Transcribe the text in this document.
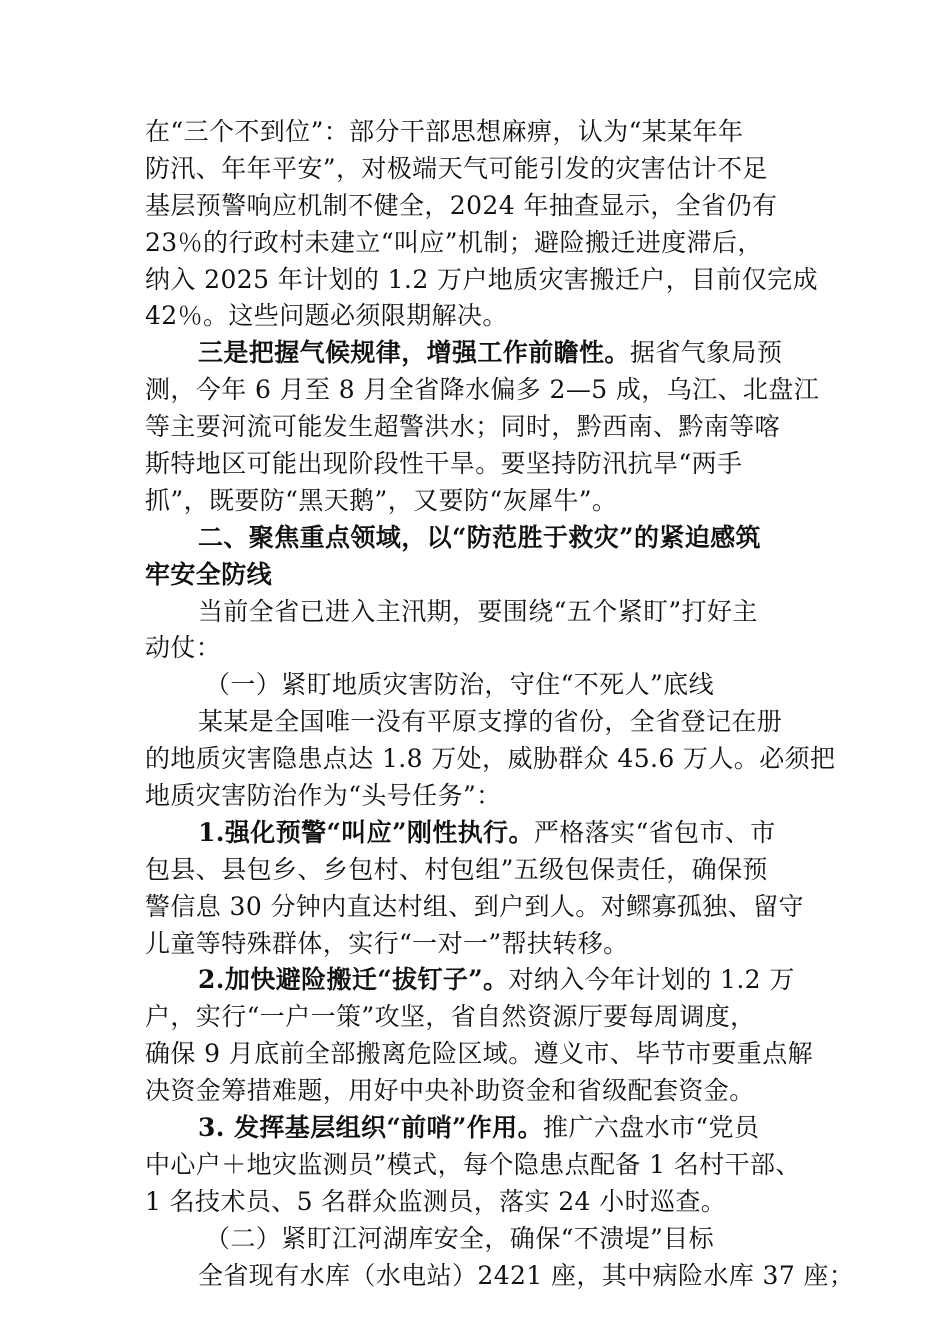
在“三个不到位”：部分干部思想麻痹，认为“某某年年
防汛、年年平安”，对极端天气可能引发的灾害估计不足
基层预警响应机制不健全，2024 年抽查显示，全省仍有
23％的行政村未建立“叫应”机制；避险搬迁进度滞后，
纳入 2025 年计划的 1.2 万户地质灾害搬迁户，目前仅完成
42％。这些问题必须限期解决。
三是把握气候规律，增强工作前瞻性。据省气象局预
测，今年 6 月至 8 月全省降水偏多 2—5 成，乌江、北盘江
等主要河流可能发生超警洪水；同时，黔西南、黔南等喀
斯特地区可能出现阶段性干旱。要坚持防汛抗旱“两手
抓”，既要防“黑天鹅”，又要防“灰犀牛”。
二、聚焦重点领域，以“防范胜于救灾”的紧迫感筑
牢安全防线
当前全省已进入主汛期，要围绕“五个紧盯”打好主
动仗：
（一）紧盯地质灾害防治，守住“不死人”底线
某某是全国唯一没有平原支撑的省份，全省登记在册
的地质灾害隐患点达 1.8 万处，威胁群众 45.6 万人。必须把
地质灾害防治作为“头号任务”：
1.强化预警“叫应”刚性执行。严格落实“省包市、市
包县、县包乡、乡包村、村包组”五级包保责任，确保预
警信息 30 分钟内直达村组、到户到人。对鳏寡孤独、留守
儿童等特殊群体，实行“一对一”帮扶转移。
2.加快避险搬迁“拔钉子”。对纳入今年计划的 1.2 万
户，实行“一户一策”攻坚，省自然资源厅要每周调度，
确保 9 月底前全部搬离危险区域。遵义市、毕节市要重点解
决资金筹措难题，用好中央补助资金和省级配套资金。
3. 发挥基层组织“前哨”作用。推广六盘水市“党员
中心户＋地灾监测员”模式，每个隐患点配备 1 名村干部、
1 名技术员、5 名群众监测员，落实 24 小时巡查。
（二）紧盯江河湖库安全，确保“不溃堤”目标
全省现有水库（水电站）2421 座，其中病险水库 37 座；
